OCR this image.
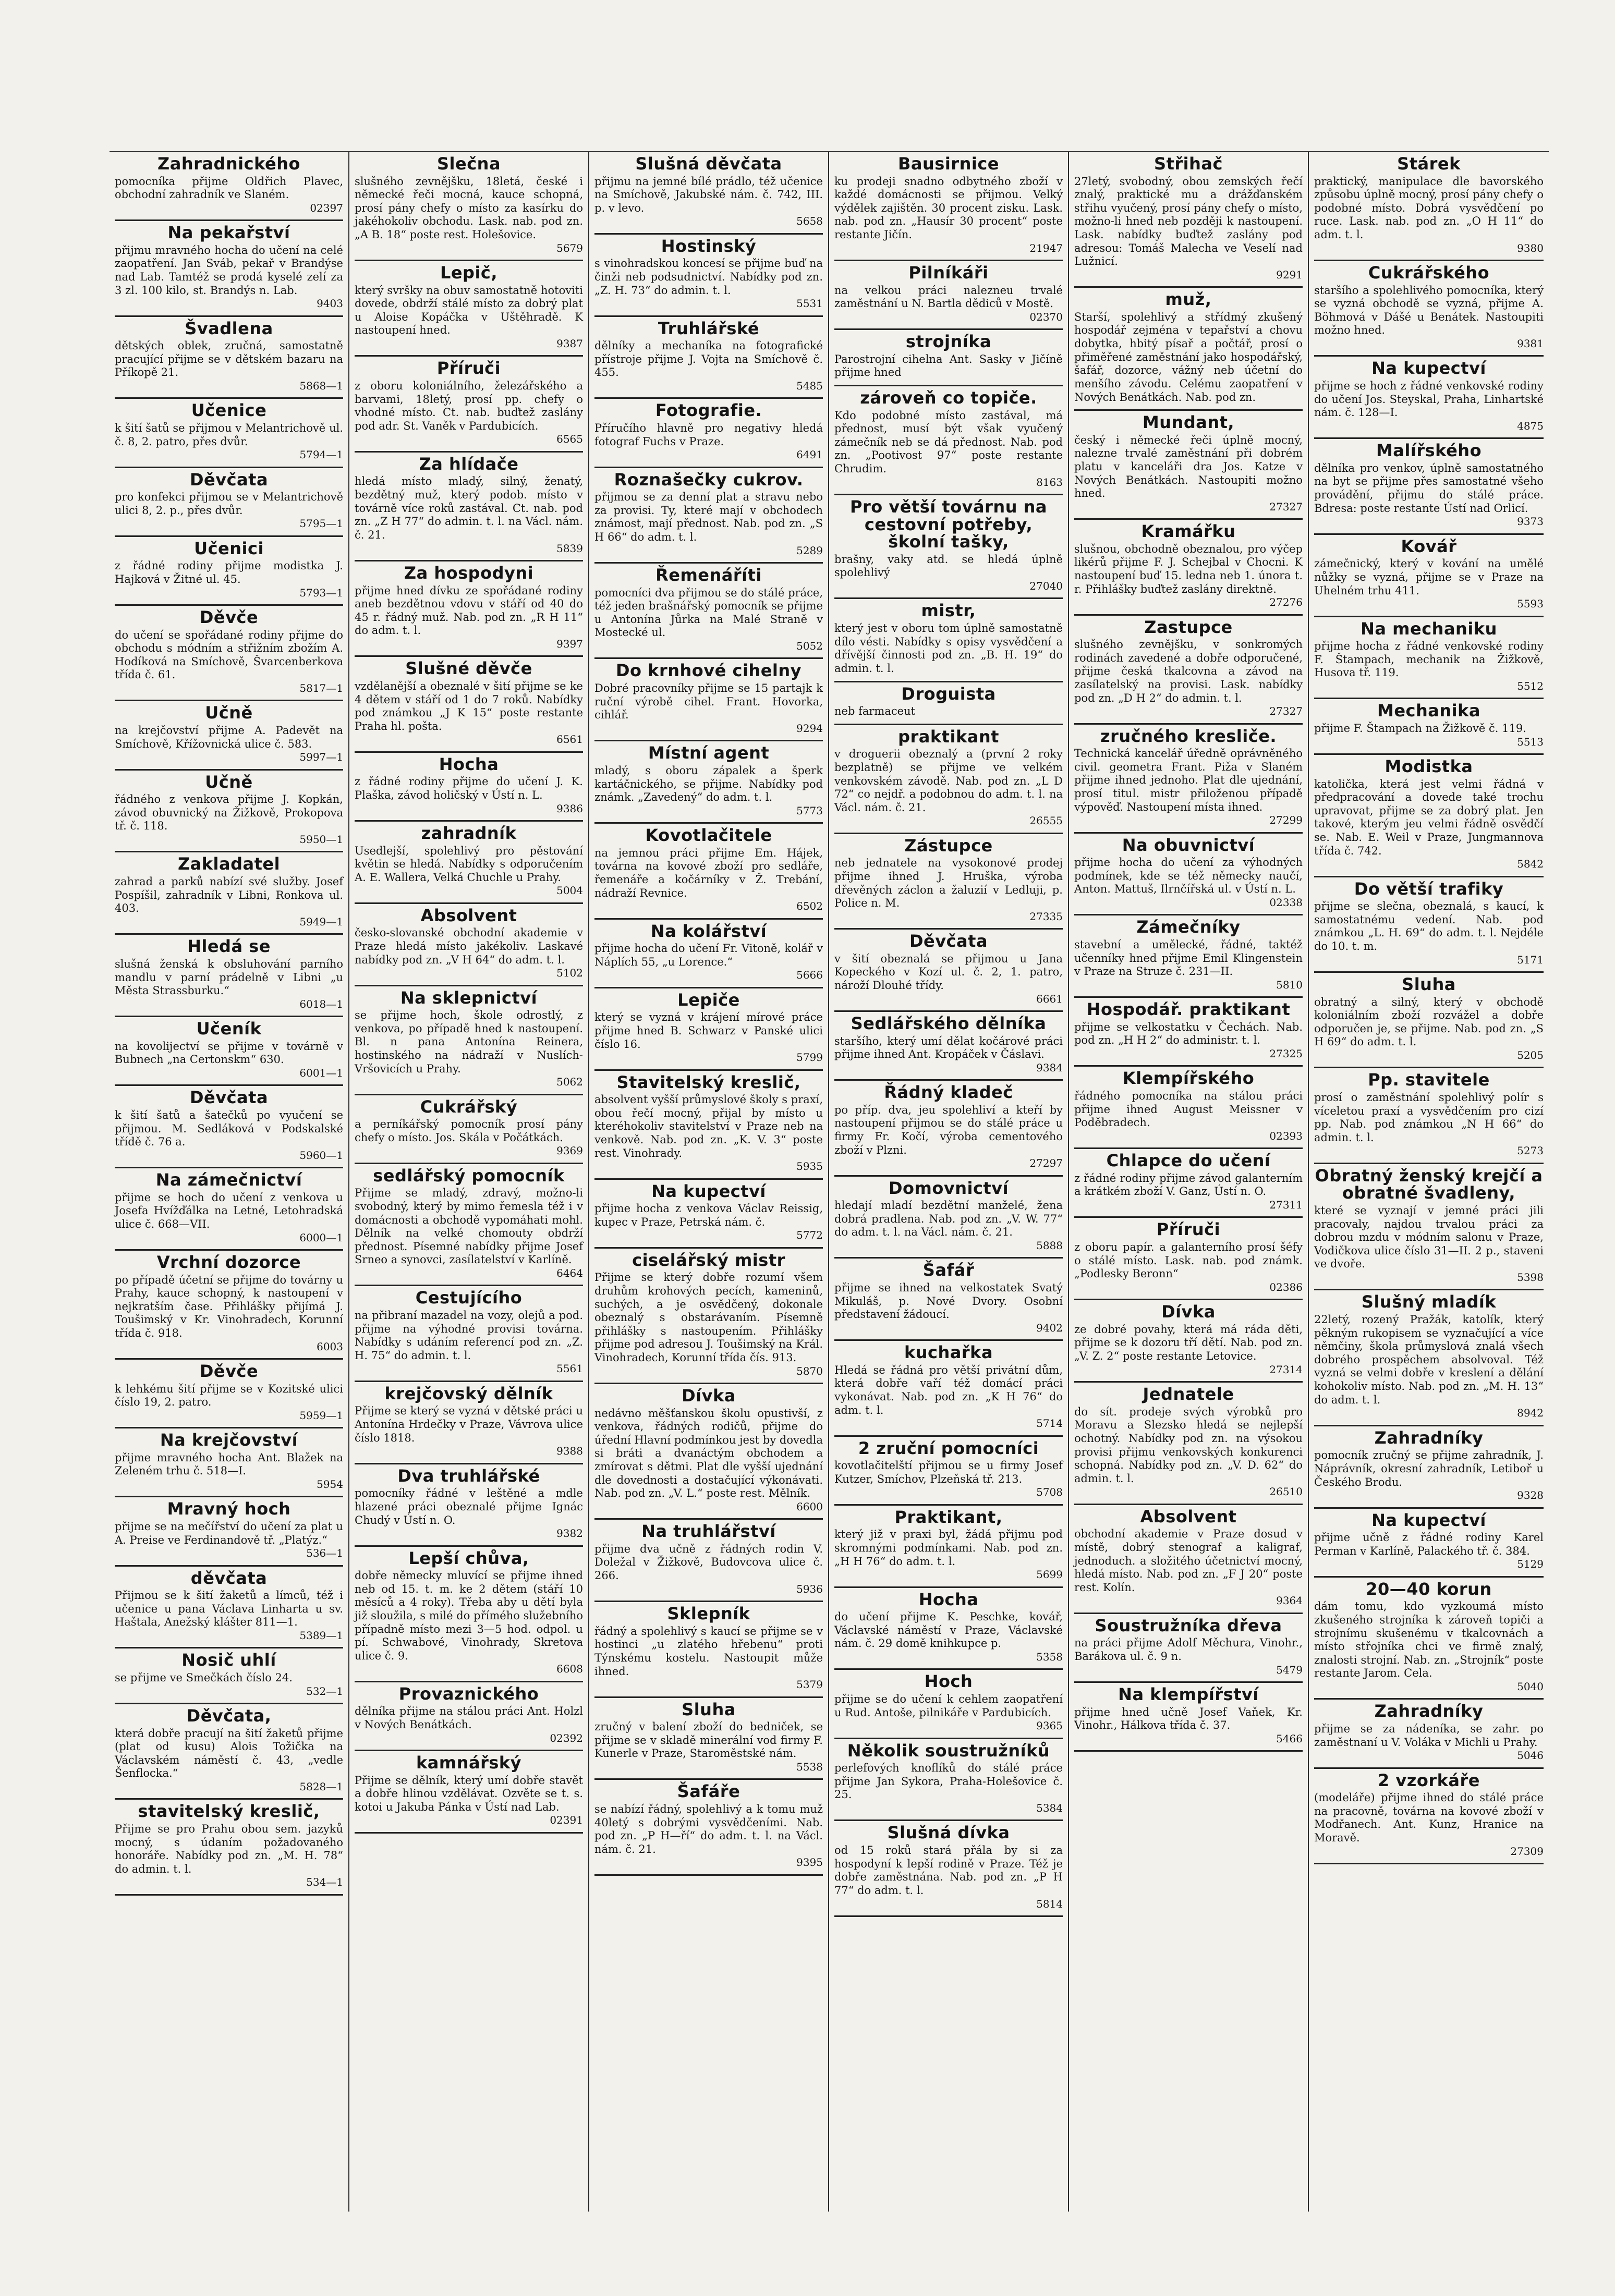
Zahradnického

pomocníka přijme Oldřich Plavec, obchodní zahradník ve Slaném.

02397

Na pekařství

přijmu mravného hocha do učení na celé zaopatření. Jan Sváb, pekař v Brandýse nad Lab. Tamtéž se prodá kyselé zelí za 3 zl. 100 kilo, st. Brandýs n. Lab.

9403

Švadlena

dětských oblek, zručná, samostatně pracující přijme se v dětském bazaru na Příkopě 21.

5868—1

Učenice

k šití šatů se přijmou v Melantrichově ul. č. 8, 2. patro, přes dvůr.

5794—1

Děvčata

pro konfekci přijmou se v Melantrichově ulici 8, 2. p., přes dvůr.

5795—1

Učenici

z řádné rodiny přijme modistka J. Hajková v Žitné ul. 45.

5793—1

Děvče

do učení se spořádané rodiny přijme do obchodu s módním a střižním zbožím A. Hodíková na Smíchově, Švarcenberkova třída č. 61.

5817—1

Učně

na krejčovství přijme A. Padevět na Smíchově, Křížovnická ulice č. 583.

5997—1

Učně

řádného z venkova přijme J. Kopkán, závod obuvnický na Žižkově, Prokopova tř. č. 118.

5950—1

Zakladatel

zahrad a parků nabízí své služby. Josef Pospíšil, zahradník v Libni, Ronkova ul. 403.

5949—1

Hledá se

slušná ženská k obsluhování parního mandlu v parní prádelně v Libni „u Města Strassburku.“

6018—1

Učeník

na kovolijectví se přijme v továrně v Bubnech „na Certonskm“ 630.

6001—1

Děvčata

k šití šatů a šatečků po vyučení se přijmou. M. Sedláková v Podskalské třídě č. 76 a.

5960—1

Na zámečnictví

přijme se hoch do učení z venkova u Josefa Hvížďálka na Letné, Letohradská ulice č. 668—VII.

6000—1

Vrchní dozorce

po případě účetní se přijme do továrny u Prahy, kauce schopný, k nastoupení v nejkratším čase. Přihlášky přijímá J. Toušimský v Kr. Vinohradech, Korunní třída č. 918.

6003

Děvče

k lehkému šití přijme se v Kozitské ulici číslo 19, 2. patro.

5959—1

Na krejčovství

přijme mravného hocha Ant. Blažek na Zeleném trhu č. 518—I.

5954

Mravný hoch

přijme se na mečířství do učení za plat u A. Preise ve Ferdinandově tř. „Platýz.“

536—1

děvčata

Přijmou se k šití žaketů a límců, též i učenice u pana Václava Linharta u sv. Haštala, Anežský klášter 811—1.

5389—1

Nosič uhlí

se přijme ve Smečkách číslo 24.

532—1

Děvčata,

která dobře pracují na šití žaketů přijme (plat od kusu) Alois Tožička na Václavském náměstí č. 43, „vedle Šenflocka.“

5828—1

stavitelský kreslič,

Přijme se pro Prahu obou sem. jazyků mocný, s údaním požadovaného honoráře. Nabídky pod zn. „M. H. 78“ do admin. t. l.

534—1

Slečna

slušného zevnějšku, 18letá, české i německé řeči mocná, kauce schopná, prosí pány chefy o místo za kasírku do jakéhokoliv obchodu. Lask. nab. pod zn. „A B. 18“ poste rest. Holešovice.

5679

Lepič,

který svršky na obuv samostatně hotoviti dovede, obdrží stálé místo za dobrý plat u Aloise Kopáčka v Uštěhradě. K nastoupení hned.

9387

Příruči

z oboru koloniálního, železářského a barvami, 18letý, prosí pp. chefy o vhodné místo. Ct. nab. buďtež zaslány pod adr. St. Vaněk v Pardubicích.

6565

Za hlídače

hledá místo mladý, silný, ženatý, bezdětný muž, který podob. místo v továrně více roků zastával. Ct. nab. pod zn. „Z H 77“ do admin. t. l. na Václ. nám. č. 21.

5839

Za hospodyni

přijme hned dívku ze spořádané rodiny aneb bezdětnou vdovu v stáří od 40 do 45 r. řádný muž. Nab. pod zn. „R H 11“ do adm. t. l.

9397

Slušné děvče

vzdělanější a obeznalé v šití přijme se ke 4 dětem v stáří od 1 do 7 roků. Nabídky pod známkou „J K 15“ poste restante Praha hl. pošta.

6561

Hocha

z řádné rodiny přijme do učení J. K. Plaška, závod holičský v Ústí n. L.

9386

zahradník

Usedlejší, spolehlivý pro pěstování květin se hledá. Nabídky s odporučením A. E. Wallera, Velká Chuchle u Prahy.

5004

Absolvent

česko-slovanské obchodní akademie v Praze hledá místo jakékoliv. Laskavé nabídky pod zn. „V H 64“ do adm. t. l.

5102

Na sklepnictví

se přijme hoch, škole odrostlý, z venkova, po případě hned k nastoupení. Bl. n pana Antonína Reinera, hostinského na nádraží v Nuslích-Vršovicích u Prahy.

5062

Cukrářský

a perníkářský pomocník prosí pány chefy o místo. Jos. Skála v Počátkách.

9369

sedlářský pomocník

Přijme se mladý, zdravý, možno-li svobodný, který by mimo řemesla též i v domácnosti a obchodě vypomáhati mohl. Dělník na velké chomouty obdrží přednost. Písemné nabídky přijme Josef Srneo a synovci, zasílatelství v Karlíně.

6464

Cestujícího

na přibraní mazadel na vozy, olejů a pod. přijme na výhodné provisi továrna. Nabídky s udáním referencí pod zn. „Z. H. 75“ do admin. t. l.

5561

krejčovský dělník

Přijme se který se vyzná v dětské práci u Antonína Hrdečky v Praze, Vávrova ulice číslo 1818.

9388

Dva truhlářské

pomocníky řádné v leštěné a mdle hlazené práci obeznalé přijme Ignác Chudý v Ústí n. O.

9382

Lepší chůva,

dobře německy mluvící se přijme ihned neb od 15. t. m. ke 2 dětem (stáří 10 měsíců a 4 roky). Třeba aby u dětí byla již sloužila, s milé do přímého služebního případně místo mezi 3—5 hod. odpol. u pí. Schwabové, Vinohrady, Skretova ulice č. 9.

6608

Provaznického

dělníka přijme na stálou práci Ant. Holzl v Nových Benátkách.

02392

kamnářský

Přijme se dělník, který umí dobře stavět a dobře hlinou vzdělávat. Ozvěte se t. s. kotoi u Jakuba Pánka v Ústí nad Lab.

02391

Slušná děvčata

přijmu na jemné bílé prádlo, též učenice na Smíchově, Jakubské nám. č. 742, III. p. v levo.

5658

Hostinský

s vinohradskou koncesí se přijme buď na činži neb podsudnictví. Nabídky pod zn. „Z. H. 73“ do admin. t. l.

5531

Truhlářské

dělníky a mechaníka na fotografické přístroje přijme J. Vojta na Smíchově č. 455.

5485

Fotografie.

Příručího hlavně pro negativy hledá fotograf Fuchs v Praze.

6491

Roznašečky cukrov.

přijmou se za denní plat a stravu nebo za provisi. Ty, které mají v obchodech známost, mají přednost. Nab. pod zn. „S H 66“ do adm. t. l.

5289

Řemenáříti

pomocníci dva přijmou se do stálé práce, též jeden brašnářský pomocník se přijme u Antonína Jůrka na Malé Straně v Mostecké ul.

5052

Do krnhové cihelny

Dobré pracovníky přijme se 15 partajk k ruční výrobě cihel. Frant. Hovorka, cihlář.

9294

Místní agent

mladý, s oboru zápalek a šperk kartáčnického, se přijme. Nabídky pod známk. „Zavedený“ do adm. t. l.

5773

Kovotlačitele

na jemnou práci přijme Em. Hájek, továrna na kovové zboží pro sedláře, řemenáře a kočárníky v Ž. Trebání, nádraží Revnice.

6502

Na kolářství

přijme hocha do učení Fr. Vitoně, kolář v Náplích 55, „u Lorence.“

5666

Lepiče

který se vyzná v krájení mírové práce přijme hned B. Schwarz v Panské ulici číslo 16.

5799

Stavitelský kreslič,

absolvent vyšší průmyslové školy s praxí, obou řečí mocný, přijal by místo u kteréhokoliv stavitelství v Praze neb na venkově. Nab. pod zn. „K. V. 3“ poste rest. Vinohrady.

5935

Na kupectví

přijme hocha z venkova Václav Reissig, kupec v Praze, Petrská nám. č.

5772

ciselářský mistr

Přijme se který dobře rozumí všem druhům krohových pecích, kameninů, suchých, a je osvědčený, dokonale obeznalý s obstarávaním. Písemně přihlášky s nastoupením. Přihlášky přijme pod adresou J. Toušimský na Král. Vinohradech, Korunní třída čís. 913.

5870

Dívka

nedávno měšťanskou školu opustivší, z venkova, řádných rodičů, přijme do úřední Hlavní podmínkou jest by dovedla si bráti a dvanáctým obchodem a zmírovat s dětmi. Plat dle vyšší ujednání dle dovednosti a dostačující výkonávati. Nab. pod zn. „V. L.“ poste rest. Mělník.

6600

Na truhlářství

přijme dva učně z řádných rodin V. Doležal v Žižkově, Budovcova ulice č. 266.

5936

Sklepník

řádný a spolehlivý s kaucí se přijme se v hostinci „u zlatého hřebenu“ proti Týnskému kostelu. Nastoupit může ihned.

5379

Sluha

zručný v balení zboží do bedniček, se přijme se v skladě minerální vod firmy F. Kunerle v Praze, Staroměstské nám.

5538

Šafáře

se nabízí řádný, spolehlivý a k tomu muž 40letý s dobrými vysvědčeními. Nab. pod zn. „P H—ří“ do adm. t. l. na Václ. nám. č. 21.

9395

Bausirnice

ku prodeji snadno odbytného zboží v každé domácnosti se přijmou. Velký výdělek zajištěn. 30 procent zisku. Lask. nab. pod zn. „Hausír 30 procent“ poste restante Jičín.

21947

Pilníkáři

na velkou práci nalezneu trvalé zaměstnání u N. Bartla dědiců v Mostě.

02370

strojníka

Parostrojní cihelna Ant. Sasky v Jičíně přijme hned

zároveň co topiče.

Kdo podobné místo zastával, má přednost, musí být však vyučený zámečník neb se dá přednost. Nab. pod zn. „Pootivost 97“ poste restante Chrudim.

8163

Pro větší továrnu na cestovní potřeby, školní tašky,

brašny, vaky atd. se hledá úplně spolehlivý

27040

mistr,

který jest v oboru tom úplně samostatně dílo vésti. Nabídky s opisy vysvědčení a dřívější činnosti pod zn. „B. H. 19“ do admin. t. l.

Droguista

neb farmaceut

praktikant

v droguerii obeznalý a (první 2 roky bezplatně) se přijme ve velkém venkovském závodě. Nab. pod zn. „L D 72“ co nejdř. a podobnou do adm. t. l. na Václ. nám. č. 21.

26555

Zástupce

neb jednatele na vysokonové prodej přijme ihned J. Hruška, výroba dřevěných záclon a žaluzií v Ledluji, p. Police n. M.

27335

Děvčata

v šití obeznalá se přijmou u Jana Kopeckého v Kozí ul. č. 2, 1. patro, nároží Dlouhé třídy.

6661

Sedlářského dělníka

staršího, který umí dělat kočárové práci přijme ihned Ant. Kropáček v Čáslavi.

9384

Řádný kladeč

po příp. dva, jeu spolehliví a kteří by nastoupení přijmou se do stálé práce u firmy Fr. Kočí, výroba cementového zboží v Plzni.

27297

Domovnictví

hledají mladí bezdětní manželé, žena dobrá pradlena. Nab. pod zn. „V. W. 77“ do adm. t. l. na Václ. nám. č. 21.

5888

Šafář

přijme se ihned na velkostatek Svatý Mikuláš, p. Nové Dvory. Osobní představení žádoucí.

9402

kuchařka

Hledá se řádná pro větší privátní dům, která dobře vaří též domácí práci vykonávat. Nab. pod zn. „K H 76“ do adm. t. l.

5714

2 zruční pomocníci

kovotlačitelští přijmou se u firmy Josef Kutzer, Smíchov, Plzeňská tř. 213.

5708

Praktikant,

který již v praxi byl, žádá přijmu pod skromnými podmínkami. Nab. pod zn. „H H 76“ do adm. t. l.

5699

Hocha

do učení přijme K. Peschke, kovář, Václavské náměstí v Praze, Václavské nám. č. 29 domě knihkupce p.

5358

Hoch

přijme se do učení k cehlem zaopatření u Rud. Antoše, pilnikáře v Pardubicích.

9365

Několik soustružníků

perlefových knoflíků do stálé práce přijme Jan Sykora, Praha-Holešovice č. 25.

5384

Slušná dívka

od 15 roků stará přála by si za hospodyní k lepší rodině v Praze. Též je dobře zaměstnána. Nab. pod zn. „P H 77“ do adm. t. l.

5814

Střihač

27letý, svobodný, obou zemských řečí znalý, praktické mu a drážďanském střihu vyučený, prosí pány chefy o místo, možno-li hned neb později k nastoupení. Lask. nabídky buďtež zaslány pod adresou: Tomáš Malecha ve Veselí nad Lužnicí.

9291

muž,

Starší, spolehlivý a střídmý zkušený hospodář zejména v tepařství a chovu dobytka, hbitý písař a počtář, prosí o přiměřené zaměstnání jako hospodářský, šafář, dozorce, vážný neb účetní do menšího závodu. Celému zaopatření v Nových Benátkách. Nab. pod zn.

Mundant,

český i německé řeči úplně mocný, nalezne trvalé zaměstnání při dobrém platu v kanceláři dra Jos. Katze v Nových Benátkách. Nastoupiti možno hned.

27327

Kramářku

slušnou, obchodně obeznalou, pro výčep likérů přijme F. J. Schejbal v Chocni. K nastoupení buď 15. ledna neb 1. února t. r. Přihlášky buďtež zaslány direktně.

27276

Zastupce

slušného zevnějšku, v sonkromých rodinách zavedené a dobře odporučené, přijme česká tkalcovna a závod na zasílatelský na provisi. Lask. nabídky pod zn. „D H 2“ do admin. t. l.

27327

zručného kresliče.

Technická kancelář úředně oprávněného civil. geometra Frant. Piža v Slaném přijme ihned jednoho. Plat dle ujednání, prosí titul. mistr přiloženou případě výpověď. Nastoupení místa ihned.

27299

Na obuvnictví

přijme hocha do učení za výhodných podmínek, kde se též německy naučí, Anton. Mattuš, Ilrnčířská ul. v Ústí n. L.

02338

Zámečníky

stavební a umělecké, řádné, taktéž učenníky hned přijme Emil Klingenstein v Praze na Struze č. 231—II.

5810

Hospodář. praktikant

přijme se velkostatku v Čechách. Nab. pod zn. „H H 2“ do administr. t. l.

27325

Klempířského

řádného pomocníka na stálou práci přijme ihned August Meissner v Poděbradech.

02393

Chlapce do učení

z řádné rodiny přijme závod galanterním a krátkém zboží V. Ganz, Ústí n. O.

27311

Příruči

z oboru papír. a galanterního prosí šéfy o stálé místo. Lask. nab. pod známk. „Podlesky Beronn“

02386

Dívka

ze dobré povahy, která má ráda děti, přijme se k dozoru tří dětí. Nab. pod zn. „V. Z. 2“ poste restante Letovice.

27314

Jednatele

do sít. prodeje svých výrobků pro Moravu a Slezsko hledá se nejlepší ochotný. Nabídky pod zn. na výsokou provisi přijmu venkovských konkurenci schopná. Nabídky pod zn. „V. D. 62“ do admin. t. l.

26510

Absolvent

obchodní akademie v Praze dosud v místě, dobrý stenograf a kaligraf, jednoduch. a složitého účetnictví mocný, hledá místo. Nab. pod zn. „F J 20“ poste rest. Kolín.

9364

Soustružníka dřeva

na práci přijme Adolf Měchura, Vinohr., Barákova ul. č. 9 n.

5479

Na klempířství

přijme hned učně Josef Vaňek, Kr. Vinohr., Hálkova třída č. 37.

5466

Stárek

praktický, manipulace dle bavorského způsobu úplně mocný, prosí pány chefy o podobné místo. Dobrá vysvědčení po ruce. Lask. nab. pod zn. „O H 11“ do adm. t. l.

9380

Cukrářského

staršího a spolehlivého pomocníka, který se vyzná obchodě se vyzná, přijme A. Böhmová v Dášé u Benátek. Nastoupiti možno hned.

9381

Na kupectví

přijme se hoch z řádné venkovské rodiny do učení Jos. Steyskal, Praha, Linhartské nám. č. 128—I.

4875

Malířského

dělníka pro venkov, úplně samostatného na byt se přijme přes samostatné všeho provádění, přijmu do stálé práce. Bdresa: poste restante Ústí nad Orlicí.

9373

Kovář

zámečnický, který v kování na umělé nůžky se vyzná, přijme se v Praze na Uhelném trhu 411.

5593

Na mechaniku

přijme hocha z řádné venkovské rodiny F. Štampach, mechanik na Žižkově, Husova tř. 119.

5512

Mechanika

přijme F. Štampach na Žižkově č. 119.

5513

Modistka

katolička, která jest velmi řádná v předpracování a dovede také trochu upravovat, přijme se za dobrý plat. Jen takové, kterým jeu velmi řádně osvědčí se. Nab. E. Weil v Praze, Jungmannova třída č. 742.

5842

Do větší trafiky

přijme se slečna, obeznalá, s kaucí, k samostatnému vedení. Nab. pod známkou „L. H. 69“ do adm. t. l. Nejdéle do 10. t. m.

5171

Sluha

obratný a silný, který v obchodě koloniálním zboží rozvážel a dobře odporučen je, se přijme. Nab. pod zn. „S H 69“ do adm. t. l.

5205

Pp. stavitele

prosí o zaměstnání spolehlivý polír s víceletou praxí a vysvědčením pro cizí pp. Nab. pod známkou „N H 66“ do admin. t. l.

5273

Obratný ženský krejčí a obratné švadleny,

které se vyznají v jemné práci jili pracovaly, najdou trvalou práci za dobrou mzdu v módním salonu v Praze, Vodičkova ulice číslo 31—II. 2 p., staveni ve dvoře.

5398

Slušný mladík

22letý, rozený Pražák, katolík, který pěkným rukopisem se vyznačující a více němčiny, škola průmyslová znalá všech dobrého prospěchem absolvoval. Též vyzná se velmi dobře v kreslení a dělání kohokoliv místo. Nab. pod zn. „M. H. 13“ do adm. t. l.

8942

Zahradníky

pomocník zručný se přijme zahradník, J. Náprávník, okresní zahradník, Letiboř u Českého Brodu.

9328

Na kupectví

přijme učně z řádné rodiny Karel Perman v Karlíně, Palackého tř. č. 384.

5129

20—40 korun

dám tomu, kdo vyzkoumá místo zkušeného strojníka k zároveň topiči a strojnímu skušenému v tkalcovnách a místo střojníka chci ve firmě znalý, znalosti strojní. Nab. zn. „Strojník“ poste restante Jarom. Cela.

5040

Zahradníky

přijme se za nádeníka, se zahr. po zaměstnaní u V. Voláka v Michli u Prahy.

5046

2 vzorkáře

(modeláře) přijme ihned do stálé práce na pracovně, továrna na kovové zboží v Modřanech. Ant. Kunz, Hranice na Moravě.

27309
